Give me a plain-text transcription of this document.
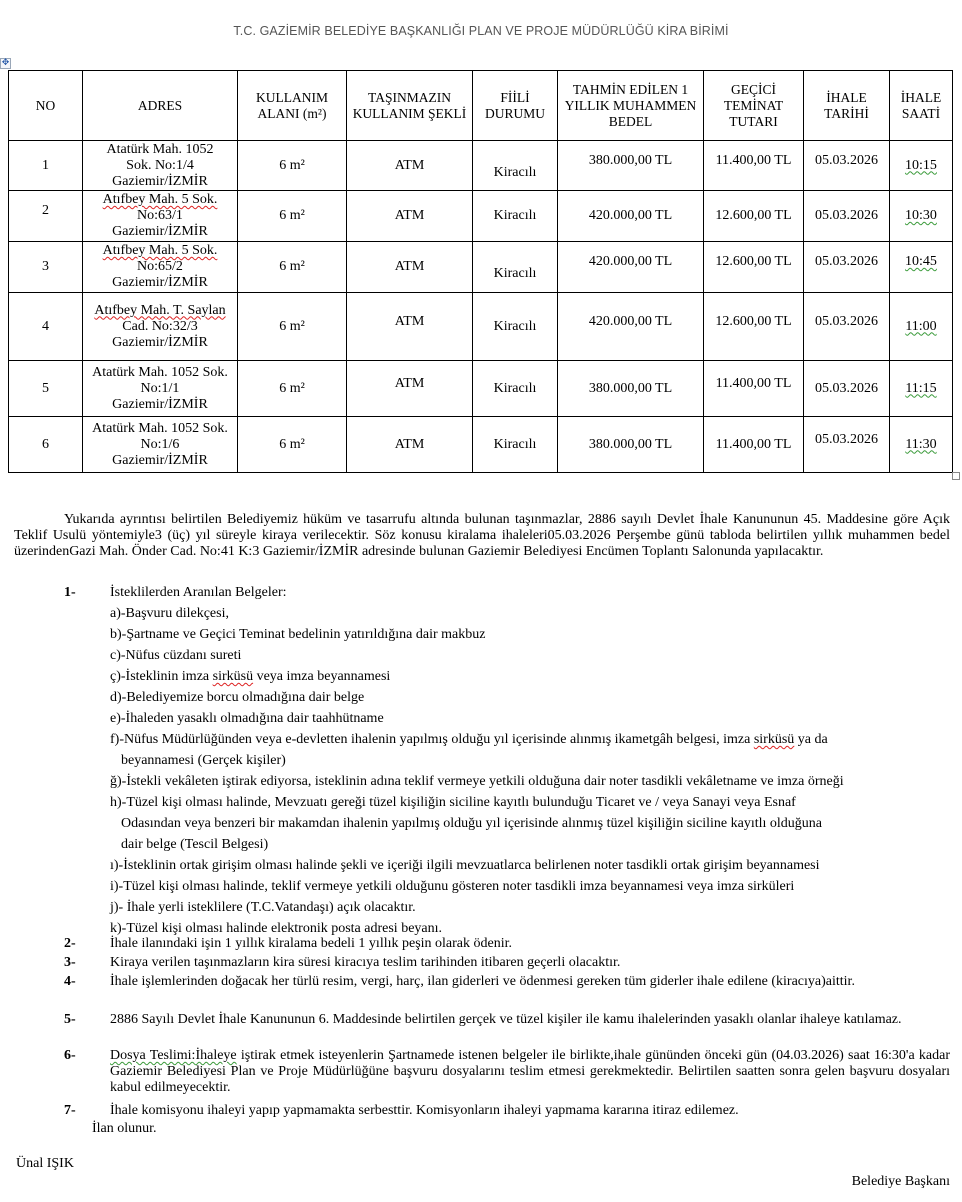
T.C. GAZİEMİR BELEDİYE BAŞKANLIĞI PLAN VE PROJE MÜDÜRLÜĞÜ KİRA BİRİMİ
✥
NO	ADRES	KULLANIM ALANI (m²)	TAŞINMAZIN KULLANIM ŞEKLİ	FİİLİ DURUMU	TAHMİN EDİLEN 1 YILLIK MUHAMMEN BEDEL	GEÇİCİ TEMİNAT TUTARI	İHALE TARİHİ	İHALE SAATİ
1	Atatürk Mah. 1052
Sok. No:1/4
Gaziemir/İZMİR	6 m²	ATM	Kiracılı	380.000,00 TL	11.400,00 TL	05.03.2026	10:15
2	Atıfbey Mah. 5 Sok.
No:63/1
Gaziemir/İZMİR	6 m²	ATM	Kiracılı	420.000,00 TL	12.600,00 TL	05.03.2026	10:30
3	Atıfbey Mah. 5 Sok.
No:65/2
Gaziemir/İZMİR	6 m²	ATM	Kiracılı	420.000,00 TL	12.600,00 TL	05.03.2026	10:45
4	Atıfbey Mah. T. Saylan
Cad. No:32/3
Gaziemir/İZMİR	6 m²	ATM	Kiracılı	420.000,00 TL	12.600,00 TL	05.03.2026	11:00
5	Atatürk Mah. 1052 Sok.
No:1/1
Gaziemir/İZMİR	6 m²	ATM	Kiracılı	380.000,00 TL	11.400,00 TL	05.03.2026	11:15
6	Atatürk Mah. 1052 Sok.
No:1/6
Gaziemir/İZMİR	6 m²	ATM	Kiracılı	380.000,00 TL	11.400,00 TL	05.03.2026	11:30
Yukarıda ayrıntısı belirtilen Belediyemiz hüküm ve tasarrufu altında bulunan taşınmazlar, 2886 sayılı Devlet İhale Kanununun 45. Maddesine göre Açık Teklif Usulü yöntemiyle3 (üç) yıl süreyle kiraya verilecektir. Söz konusu kiralama ihaleleri05.03.2026 Perşembe günü tabloda belirtilen yıllık muhammen bedel üzerindenGazi Mah. Önder Cad. No:41 K:3 Gaziemir/İZMİR adresinde bulunan Gaziemir Belediyesi Encümen Toplantı Salonunda yapılacaktır.
1- İsteklilerden Aranılan Belgeler:
a)-Başvuru dilekçesi,
b)-Şartname ve Geçici Teminat bedelinin yatırıldığına dair makbuz
c)-Nüfus cüzdanı sureti
ç)-İsteklinin imza sirküsü veya imza beyannamesi
d)-Belediyemize borcu olmadığına dair belge
e)-İhaleden yasaklı olmadığına dair taahhütname
f)-Nüfus Müdürlüğünden veya e-devletten ihalenin yapılmış olduğu yıl içerisinde alınmış ikametgâh belgesi, imza sirküsü ya da
beyannamesi (Gerçek kişiler)
ğ)-İstekli vekâleten iştirak ediyorsa, isteklinin adına teklif vermeye yetkili olduğuna dair noter tasdikli vekâletname ve imza örneği
h)-Tüzel kişi olması halinde, Mevzuatı gereği tüzel kişiliğin siciline kayıtlı bulunduğu Ticaret ve / veya Sanayi veya Esnaf
Odasından veya benzeri bir makamdan ihalenin yapılmış olduğu yıl içerisinde alınmış tüzel kişiliğin siciline kayıtlı olduğuna
dair belge (Tescil Belgesi)
ı)-İsteklinin ortak girişim olması halinde şekli ve içeriği ilgili mevzuatlarca belirlenen noter tasdikli ortak girişim beyannamesi
i)-Tüzel kişi olması halinde, teklif vermeye yetkili olduğunu gösteren noter tasdikli imza beyannamesi veya imza sirküleri
j)- İhale yerli isteklilere (T.C.Vatandaşı) açık olacaktır.
k)-Tüzel kişi olması halinde elektronik posta adresi beyanı.
2- İhale ilanındaki işin 1 yıllık kiralama bedeli 1 yıllık peşin olarak ödenir.
3- Kiraya verilen taşınmazların kira süresi kiracıya teslim tarihinden itibaren geçerli olacaktır.
4- İhale işlemlerinden doğacak her türlü resim, vergi, harç, ilan giderleri ve ödenmesi gereken tüm giderler ihale edilene (kiracıya)aittir.
5- 2886 Sayılı Devlet İhale Kanununun 6. Maddesinde belirtilen gerçek ve tüzel kişiler ile kamu ihalelerinden yasaklı olanlar ihaleye katılamaz.
6- Dosya Teslimi:İhaleye iştirak etmek isteyenlerin Şartnamede istenen belgeler ile birlikte,ihale gününden önceki gün (04.03.2026) saat 16:30'a kadar Gaziemir Belediyesi Plan ve Proje Müdürlüğüne başvuru dosyalarını teslim etmesi gerekmektedir. Belirtilen saatten sonra gelen başvuru dosyaları kabul edilmeyecektir.
7- İhale komisyonu ihaleyi yapıp yapmamakta serbesttir. Komisyonların ihaleyi yapmama kararına itiraz edilemez.
İlan olunur.
Ünal IŞIK
Belediye Başkanı
